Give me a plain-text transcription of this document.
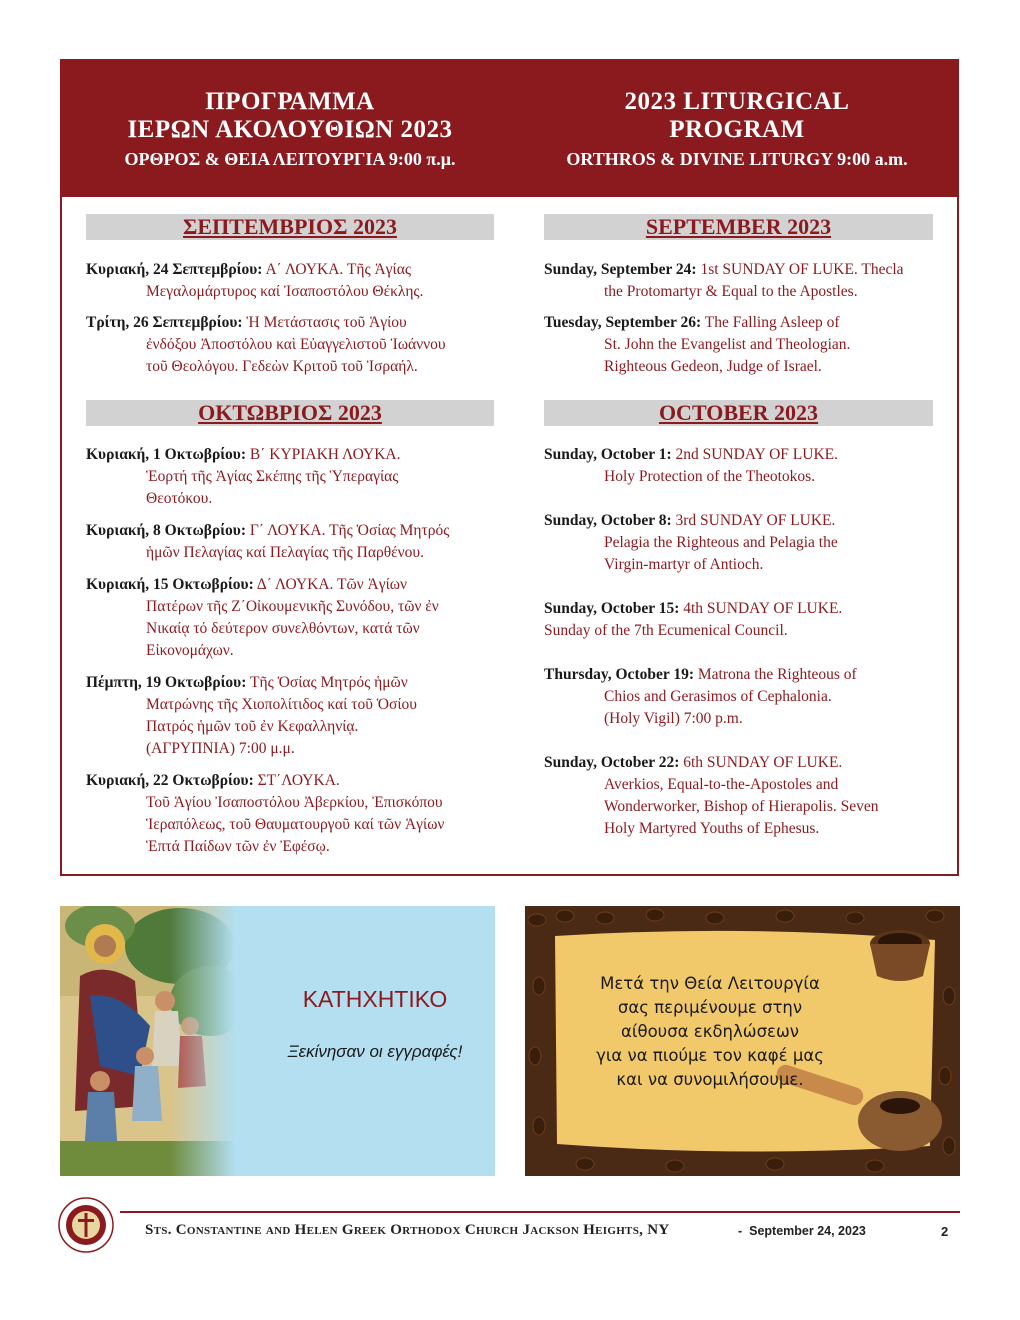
ΠΡΟΓΡΑΜΜΑ
ΙΕΡΩΝ ΑΚΟΛΟΥΘΙΩΝ 2023
ΟΡΘΡΟΣ & ΘΕΙΑ ΛΕΙΤΟΥΡΓΙΑ 9:00 π.μ.
2023 LITURGICAL
PROGRAM
ORTHROS & DIVINE LITURGY 9:00 a.m.
ΣΕΠΤΕΜΒΡΙΟΣ 2023
Κυριακή, 24 Σεπτεμβρίου: Α΄ ΛΟΥΚΑ. Τῆς Ἁγίας
Μεγαλομάρτυρος καί Ἰσαποστόλου Θέκλης.
Τρίτη, 26 Σεπτεμβρίου: Ἡ Μετάστασις τοῦ Ἁγίου
ἐνδόξου Ἀποστόλου καὶ Εὐαγγελιστοῦ Ἰωάννου
τοῦ Θεολόγου. Γεδεὼν Κριτοῦ τοῦ Ἰσραήλ.
ΟΚΤΩΒΡΙΟΣ 2023
Κυριακή, 1 Οκτωβρίου: Β΄ ΚΥΡΙΑΚΗ ΛΟΥΚΑ.
Ἑορτή τῆς Ἁγίας Σκέπης τῆς Ὑπεραγίας
Θεοτόκου.
Κυριακή, 8 Οκτωβρίου: Γ΄ ΛΟΥΚΑ. Τῆς Ὁσίας Μητρός
ἡμῶν Πελαγίας καί Πελαγίας τῆς Παρθένου.
Κυριακή, 15 Οκτωβρίου: Δ΄ ΛΟΥΚΑ. Τῶν Ἁγίων
Πατέρων τῆς Ζ΄Οἰκουμενικῆς Συνόδου, τῶν ἐν
Νικαίᾳ τό δεύτερον συνελθόντων, κατά τῶν
Εἰκονομάχων.
Πέμπτη, 19 Οκτωβρίου: Τῆς Ὁσίας Μητρός ἡμῶν
Ματρώνης τῆς Χιοπολίτιδος καί τοῦ Ὁσίου
Πατρός ἡμῶν τοῦ ἐν Κεφαλληνίᾳ.
(ΑΓΡΥΠΝΙΑ) 7:00 μ.μ.
Κυριακή, 22 Οκτωβρίου: ΣΤ΄ΛΟΥΚΑ.
Τοῦ Ἁγίου Ἰσαποστόλου Ἀβερκίου, Ἐπισκόπου
Ἱεραπόλεως, τοῦ Θαυματουργοῦ καί τῶν Ἁγίων
Ἑπτά Παίδων τῶν ἐν Ἐφέσῳ.
SEPTEMBER 2023
Sunday, September 24: 1st SUNDAY OF LUKE. Thecla
the Protomartyr & Equal to the Apostles.
Tuesday, September 26: The Falling Asleep of
St. John the Evangelist and Theologian.
Righteous Gedeon, Judge of Israel.
OCTOBER 2023
Sunday, October 1: 2nd SUNDAY OF LUKE.
Holy Protection of the Theotokos.
Sunday, October 8: 3rd SUNDAY OF LUKE.
Pelagia the Righteous and Pelagia the
Virgin-martyr of Antioch.
Sunday, October 15: 4th SUNDAY OF LUKE.
Sunday of the 7th Ecumenical Council.
Thursday, October 19: Matrona the Righteous of
Chios and Gerasimos of Cephalonia.
(Holy Vigil) 7:00 p.m.
Sunday, October 22: 6th SUNDAY OF LUKE.
Averkios, Equal-to-the-Apostoles and
Wonderworker, Bishop of Hierapolis. Seven
Holy Martyred Youths of Ephesus.
ΚΑΤΗΧΗΤΙΚΟ
Ξεκίνησαν οι εγγραφές!
Μετά την Θεία Λειτουργία
σας περιμένουμε στην
αίθουσα εκδηλώσεων
για να πιούμε τον καφέ μας
και να συνομιλήσουμε.
Sts. Constantine and Helen Greek Orthodox Church Jackson Heights, NY	- September 24, 2023	2
